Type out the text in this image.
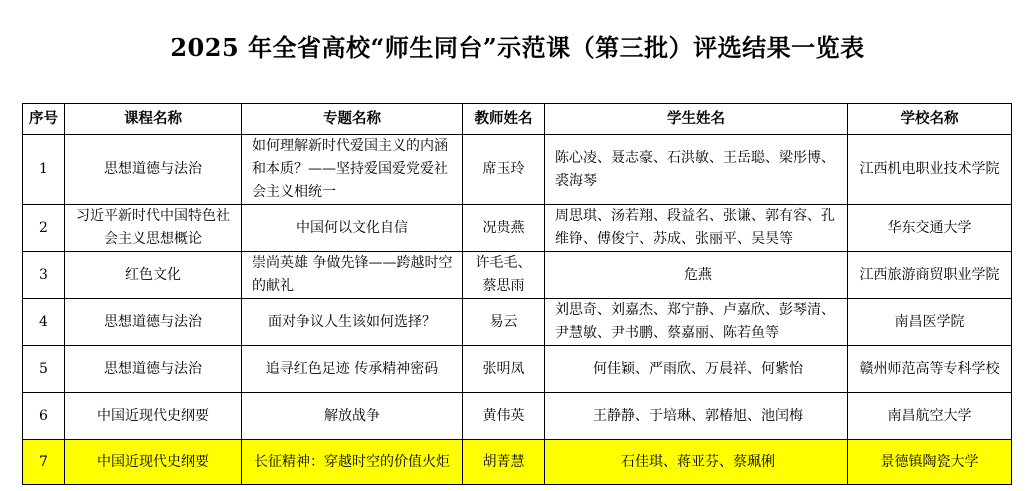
2025 年全省高校“师生同台”示范课（第三批）评选结果一览表
序号	课程名称	专题名称	教师姓名	学生姓名	学校名称
1	思想道德与法治	如何理解新时代爱国主义的内涵和本质？——坚持爱国爱党爱社会主义相统一	席玉玲	陈心凌、聂志豪、石洪敏、王岳聪、梁彤博、裘海琴	江西机电职业技术学院
2	习近平新时代中国特色社会主义思想概论	中国何以文化自信	况贵燕	周思琪、汤若翔、段益名、张谦、郭有容、孔维铮、傅俊宁、苏成、张丽平、吴昊等	华东交通大学
3	红色文化	崇尚英雄 争做先锋——跨越时空的献礼	许毛毛、蔡思雨	危燕	江西旅游商贸职业学院
4	思想道德与法治	面对争议人生该如何选择？	易云	刘思奇、刘嘉杰、郑宁静、卢嘉欣、彭琴清、尹慧敏、尹书鹏、蔡嘉丽、陈若鱼等	南昌医学院
5	思想道德与法治	追寻红色足迹 传承精神密码	张明凤	何佳颖、严雨欣、万晨祥、何紫怡	赣州师范高等专科学校
6	中国近现代史纲要	解放战争	黄伟英	王静静、于培琳、郭椿旭、池闰梅	南昌航空大学
7	中国近现代史纲要	长征精神：穿越时空的价值火炬	胡菁慧	石佳琪、蒋亚芬、蔡珮俐	景德镇陶瓷大学
